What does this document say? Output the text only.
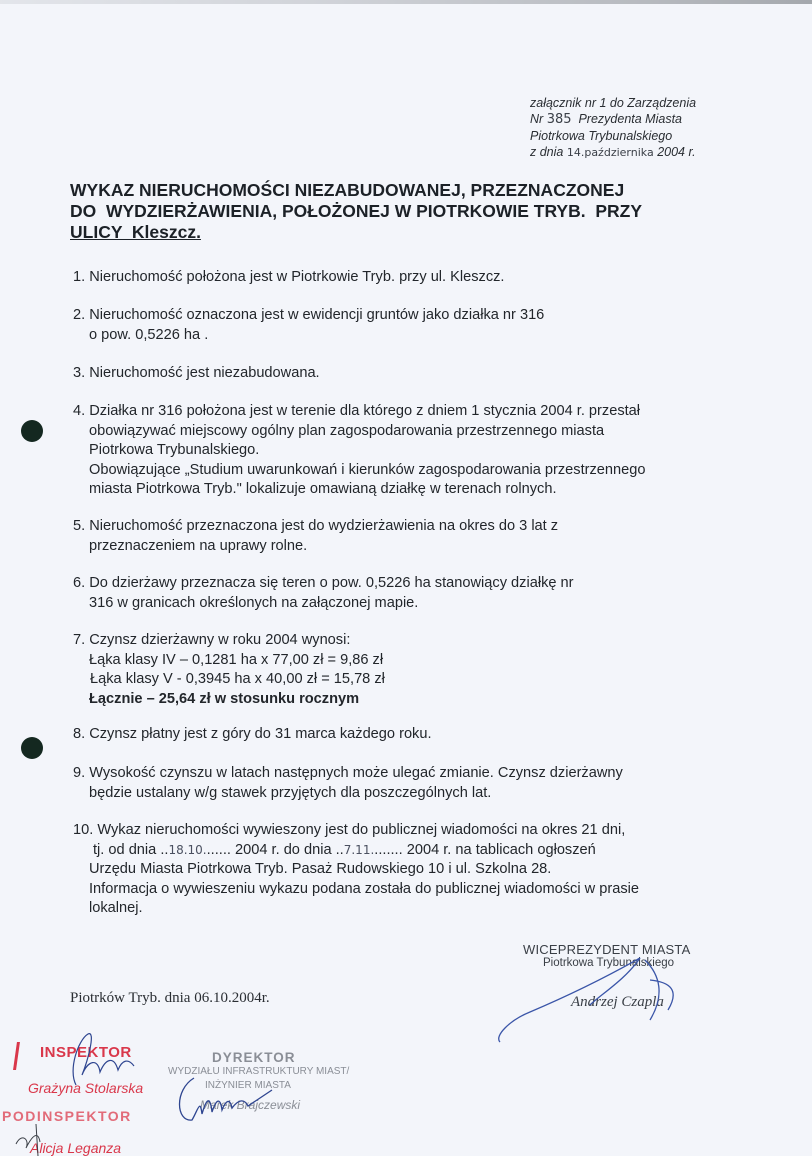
załącznik nr 1 do Zarządzenia
Nr 385 Prezydenta Miasta
Piotrkowa Trybunalskiego
z dnia 14.października 2004 r.
WYKAZ NIERUCHOMOŚCI NIEZABUDOWANEJ, PRZEZNACZONEJ
DO  WYDZIERŻAWIENIA, POŁOŻONEJ W PIOTRKOWIE TRYB.  PRZY
ULICY  Kleszcz.
1. Nieruchomość położona jest w Piotrkowie Tryb. przy ul. Kleszcz.
2. Nieruchomość oznaczona jest w ewidencji gruntów jako działka nr 316
o pow. 0,5226 ha .
3. Nieruchomość jest niezabudowana.
4. Działka nr 316 położona jest w terenie dla którego z dniem 1 stycznia 2004 r. przestał
obowiązywać miejscowy ogólny plan zagospodarowania przestrzennego miasta
Piotrkowa Trybunalskiego.
Obowiązujące „Studium uwarunkowań i kierunków zagospodarowania przestrzennego
miasta Piotrkowa Tryb." lokalizuje omawianą działkę w terenach rolnych.
5. Nieruchomość przeznaczona jest do wydzierżawienia na okres do 3 lat z
przeznaczeniem na uprawy rolne.
6. Do dzierżawy przeznacza się teren o pow. 0,5226 ha stanowiący działkę nr
316 w granicach określonych na załączonej mapie.
7. Czynsz dzierżawny w roku 2004 wynosi:
Łąka klasy IV – 0,1281 ha x 77,00 zł = 9,86 zł
Łąka klasy V - 0,3945 ha x 40,00 zł = 15,78 zł
Łącznie – 25,64 zł w stosunku rocznym
8. Czynsz płatny jest z góry do 31 marca każdego roku.
9. Wysokość czynszu w latach następnych może ulegać zmianie. Czynsz dzierżawny
będzie ustalany w/g stawek przyjętych dla poszczególnych lat.
10. Wykaz nieruchomości wywieszony jest do publicznej wiadomości na okres 21 dni,
tj. od dnia ..18.10....... 2004 r. do dnia ..7.11........ 2004 r. na tablicach ogłoszeń
Urzędu Miasta Piotrkowa Tryb. Pasaż Rudowskiego 10 i ul. Szkolna 28.
Informacja o wywieszeniu wykazu podana została do publicznej wiadomości w prasie
lokalnej.
Piotrków Tryb. dnia 06.10.2004r.
WICEPREZYDENT MIASTA
Piotrkowa Trybunalskiego
Andrzej Czapla
INSPEKTOR
Grażyna Stolarska
PODINSPEKTOR
Alicja Leganza
DYREKTOR
WYDZIAŁU INFRASTRUKTURY MIAST/
INŻYNIER MIASTA
Marek Brajczewski
